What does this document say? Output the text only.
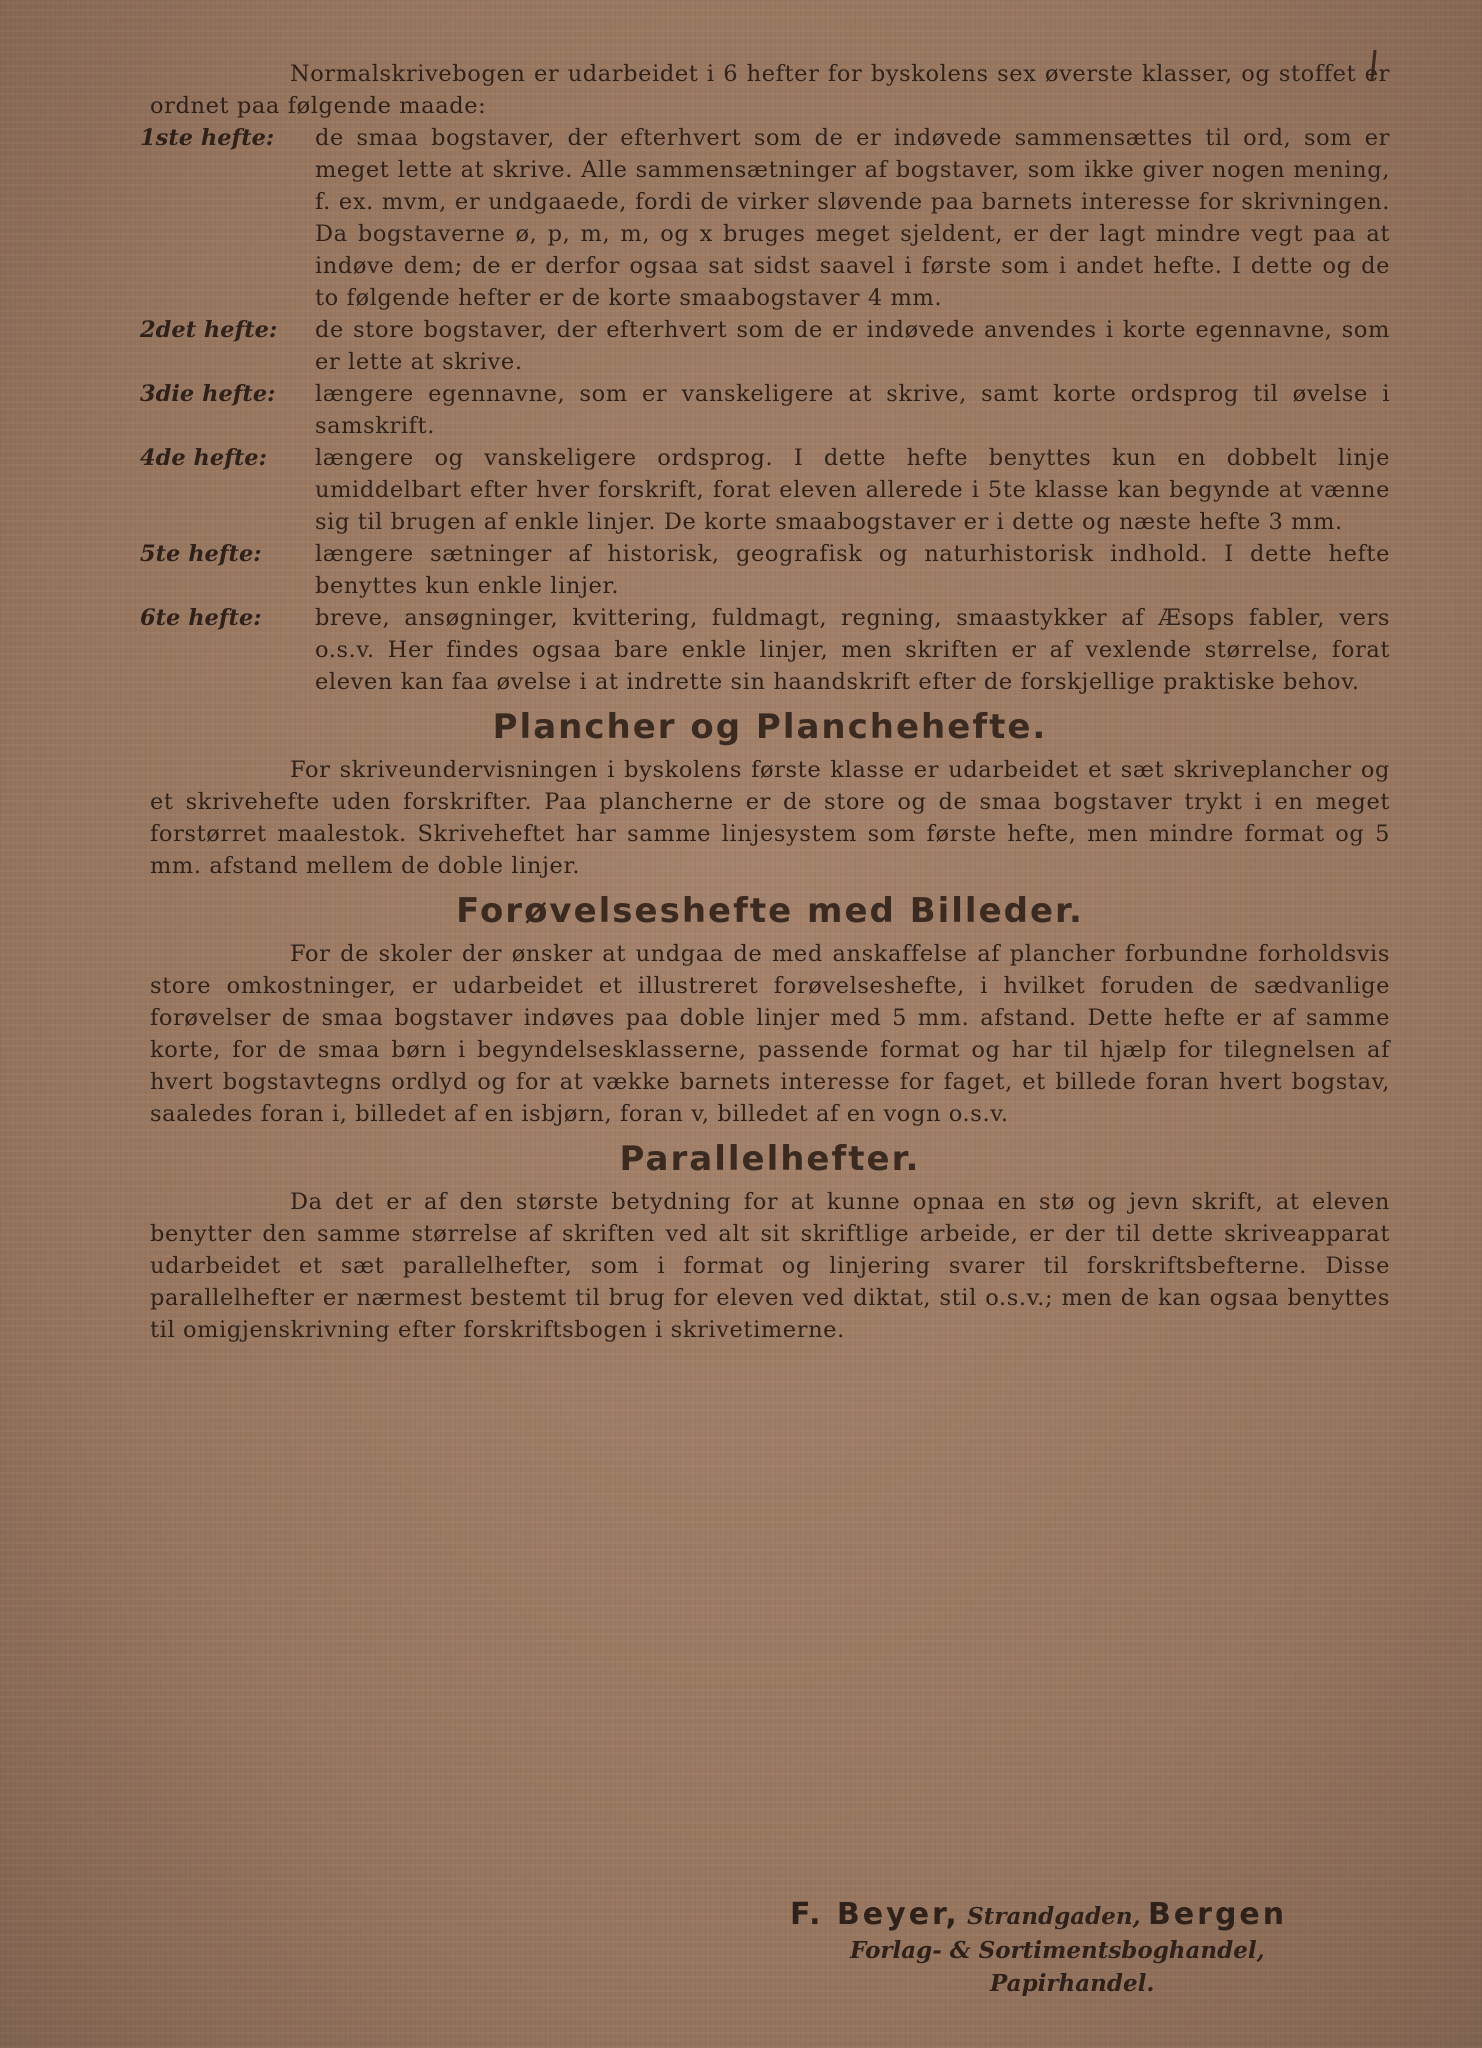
Normalskrivebogen er udarbeidet i 6 hefter for byskolens sex øverste klasser, og stoffet er ordnet paa følgende maade:

1ste hefte:	de smaa bogstaver, der efterhvert som de er indøvede sammensættes til ord, som er meget lette at skrive. Alle sammensætninger af bogstaver, som ikke giver nogen mening, f. ex. mvm, er undgaaede, fordi de virker sløvende paa barnets interesse for skrivningen. Da bogstaverne ø, p, m, m, og x bruges meget sjeldent, er der lagt mindre vegt paa at indøve dem; de er derfor ogsaa sat sidst saavel i første som i andet hefte. I dette og de to følgende hefter er de korte smaabogstaver 4 mm.
2det hefte:	de store bogstaver, der efterhvert som de er indøvede anvendes i korte egennavne, som er lette at skrive.
3die hefte:	længere egennavne, som er vanskeligere at skrive, samt korte ordsprog til øvelse i samskrift.
4de hefte:	længere og vanskeligere ordsprog. I dette hefte benyttes kun en dobbelt linje umiddelbart efter hver forskrift, forat eleven allerede i 5te klasse kan begynde at vænne sig til brugen af enkle linjer. De korte smaabogstaver er i dette og næste hefte 3 mm.
5te hefte:	længere sætninger af historisk, geografisk og naturhistorisk indhold. I dette hefte benyttes kun enkle linjer.
6te hefte:	breve, ansøgninger, kvittering, fuldmagt, regning, smaastykker af Æsops fabler, vers o.s.v. Her findes ogsaa bare enkle linjer, men skriften er af vexlende størrelse, forat eleven kan faa øvelse i at indrette sin haandskrift efter de forskjellige praktiske behov.
Plancher og Planchehefte.

For skriveundervisningen i byskolens første klasse er udarbeidet et sæt skriveplancher og et skrivehefte uden forskrifter. Paa plancherne er de store og de smaa bogstaver trykt i en meget forstørret maalestok. Skriveheftet har samme linjesystem som første hefte, men mindre format og 5 mm. afstand mellem de doble linjer.

Forøvelseshefte med Billeder.

For de skoler der ønsker at undgaa de med anskaffelse af plancher forbundne forholdsvis store omkostninger, er udarbeidet et illustreret forøvelseshefte, i hvilket foruden de sædvanlige forøvelser de smaa bogstaver indøves paa doble linjer med 5 mm. afstand. Dette hefte er af samme korte, for de smaa børn i begyndelsesklasserne, passende format og har til hjælp for tilegnelsen af hvert bogstavtegns ordlyd og for at vække barnets interesse for faget, et billede foran hvert bogstav, saaledes foran i, billedet af en isbjørn, foran v, billedet af en vogn o.s.v.

Parallelhefter.

Da det er af den største betydning for at kunne opnaa en stø og jevn skrift, at eleven benytter den samme størrelse af skriften ved alt sit skriftlige arbeide, er der til dette skriveapparat udarbeidet et sæt parallelhefter, som i format og linjering svarer til forskriftsbefterne. Disse parallelhefter er nærmest bestemt til brug for eleven ved diktat, stil o.s.v.; men de kan ogsaa benyttes til omigjenskrivning efter forskriftsbogen i skrivetimerne.

F. Beyer, Strandgaden, Bergen

Forlag- & Sortimentsboghandel,

Papirhandel.
